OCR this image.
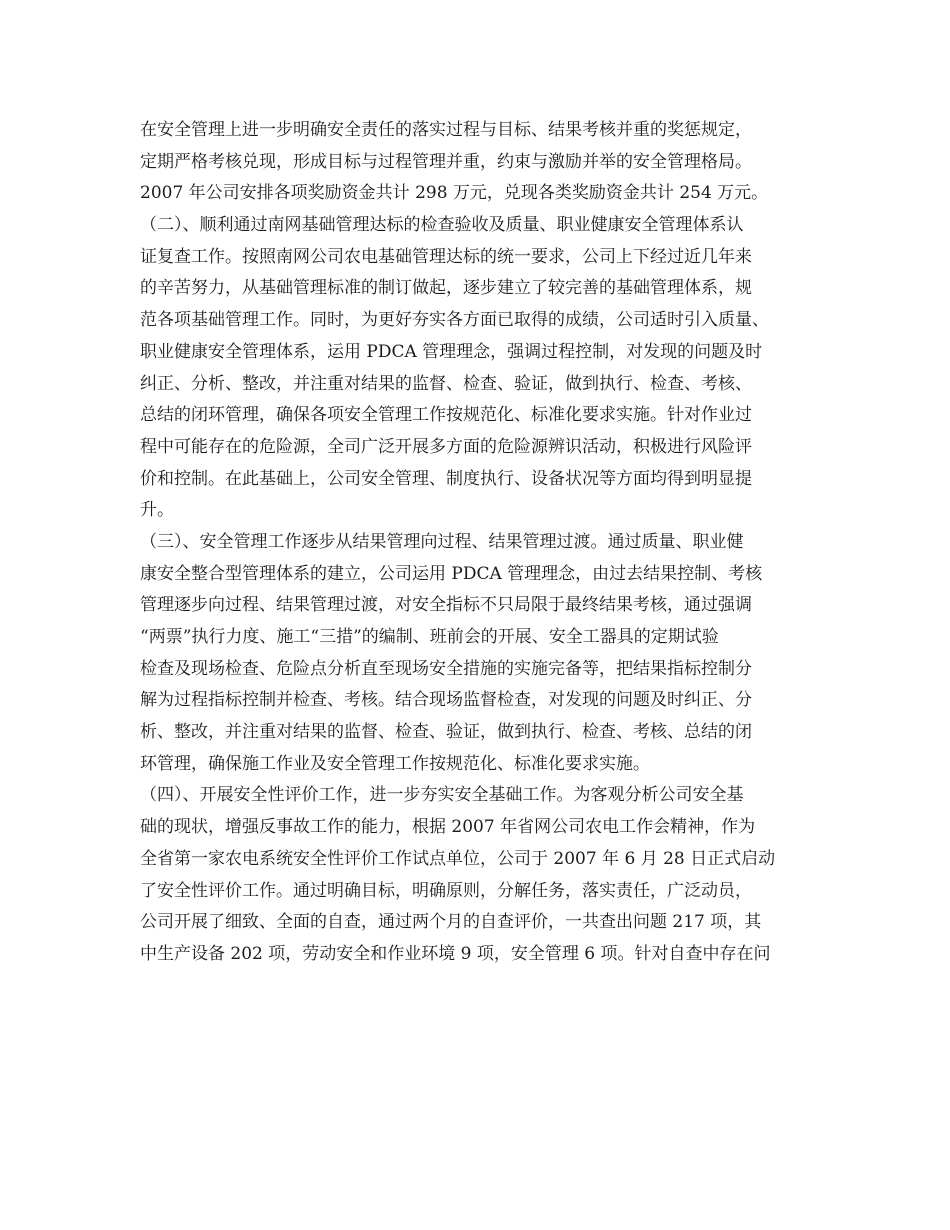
在安全管理上进一步明确安全责任的落实过程与目标、结果考核并重的奖惩规定，
定期严格考核兑现，形成目标与过程管理并重，约束与激励并举的安全管理格局。
2007 年公司安排各项奖励资金共计 298 万元，兑现各类奖励资金共计 254 万元。
（二）、顺利通过南网基础管理达标的检查验收及质量、职业健康安全管理体系认
证复查工作。按照南网公司农电基础管理达标的统一要求，公司上下经过近几年来
的辛苦努力，从基础管理标准的制订做起，逐步建立了较完善的基础管理体系，规
范各项基础管理工作。同时，为更好夯实各方面已取得的成绩，公司适时引入质量、
职业健康安全管理体系，运用 PDCA 管理理念，强调过程控制，对发现的问题及时
纠正、分析、整改，并注重对结果的监督、检查、验证，做到执行、检查、考核、
总结的闭环管理，确保各项安全管理工作按规范化、标准化要求实施。针对作业过
程中可能存在的危险源，全司广泛开展多方面的危险源辨识活动，积极进行风险评
价和控制。在此基础上，公司安全管理、制度执行、设备状况等方面均得到明显提
升。
（三）、安全管理工作逐步从结果管理向过程、结果管理过渡。通过质量、职业健
康安全整合型管理体系的建立，公司运用 PDCA 管理理念，由过去结果控制、考核
管理逐步向过程、结果管理过渡，对安全指标不只局限于最终结果考核，通过强调
“两票”执行力度、施工“三措”的编制、班前会的开展、安全工器具的定期试验
检查及现场检查、危险点分析直至现场安全措施的实施完备等，把结果指标控制分
解为过程指标控制并检查、考核。结合现场监督检查，对发现的问题及时纠正、分
析、整改，并注重对结果的监督、检查、验证，做到执行、检查、考核、总结的闭
环管理，确保施工作业及安全管理工作按规范化、标准化要求实施。
（四）、开展安全性评价工作，进一步夯实安全基础工作。为客观分析公司安全基
础的现状，增强反事故工作的能力，根据 2007 年省网公司农电工作会精神，作为
全省第一家农电系统安全性评价工作试点单位，公司于 2007 年 6 月 28 日正式启动
了安全性评价工作。通过明确目标，明确原则，分解任务，落实责任，广泛动员，
公司开展了细致、全面的自查，通过两个月的自查评价，一共查出问题 217 项，其
中生产设备 202 项，劳动安全和作业环境 9 项，安全管理 6 项。针对自查中存在问
